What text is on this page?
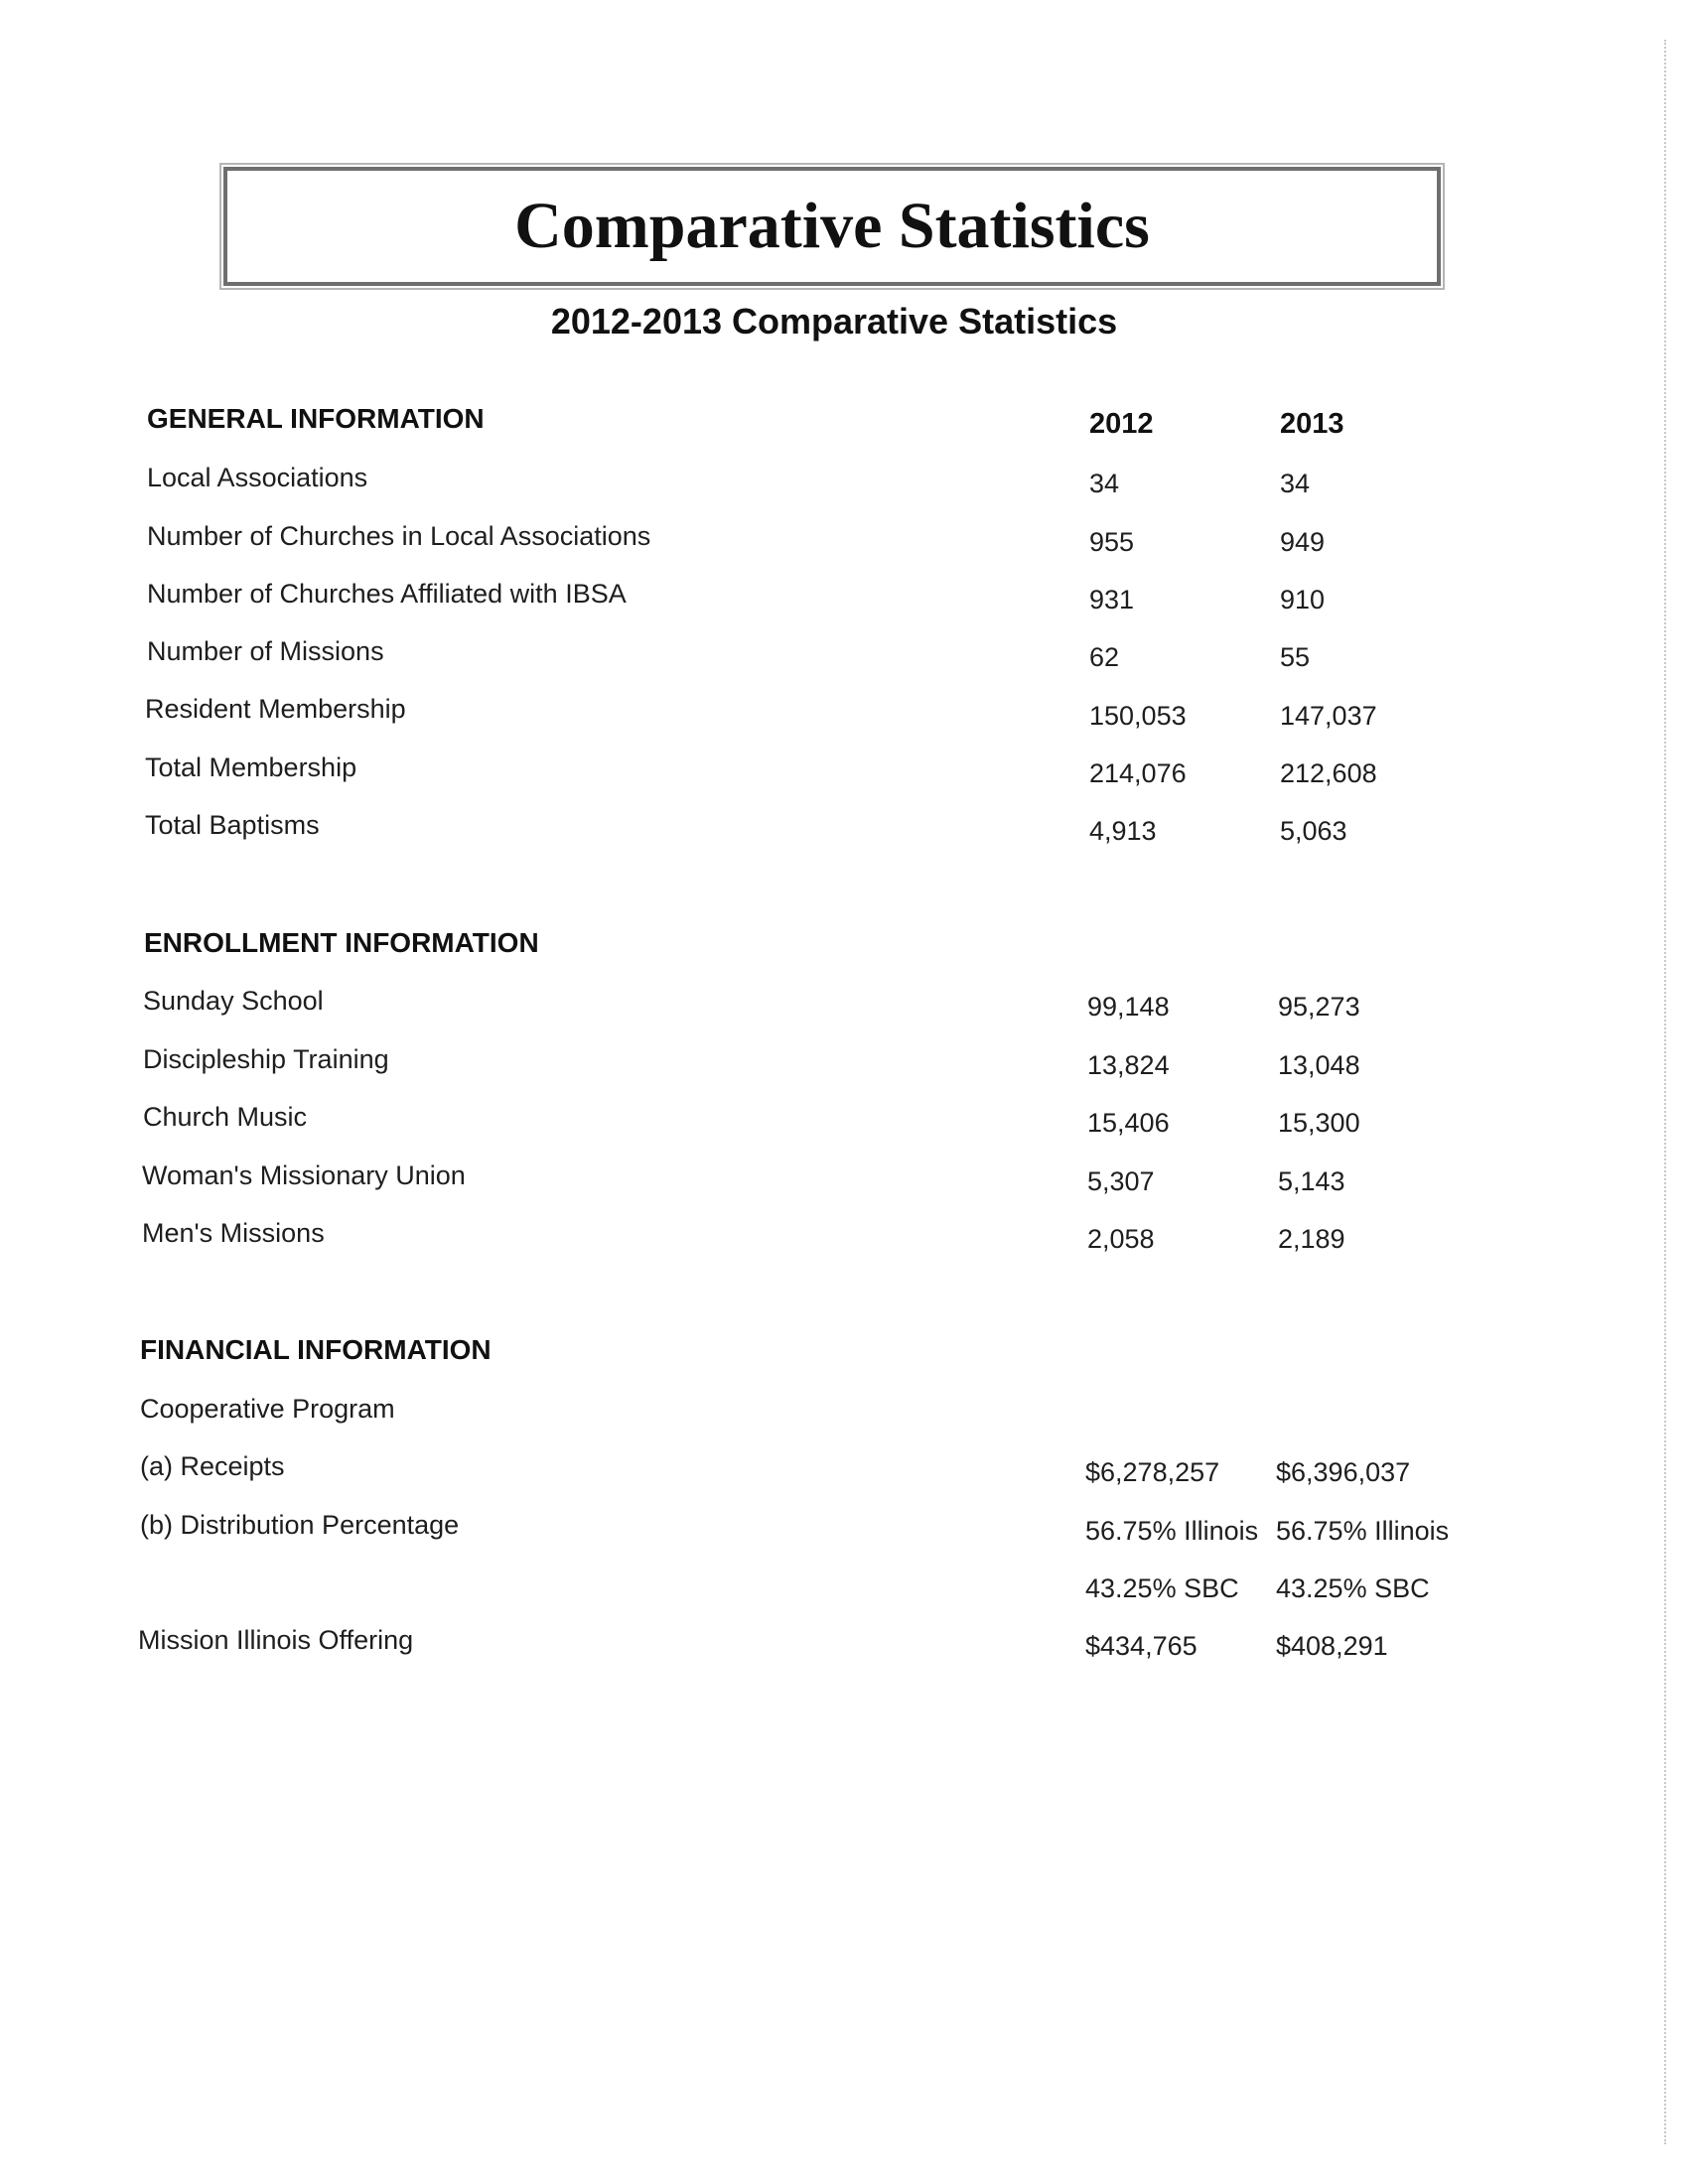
Comparative Statistics
2012-2013 Comparative Statistics
GENERAL INFORMATION	2012	2013
Local Associations	34	34
Number of Churches in Local Associations	955	949
Number of Churches Affiliated with IBSA	931	910
Number of Missions	62	55
Resident Membership	150,053	147,037
Total Membership	214,076	212,608
Total Baptisms	4,913	5,063
ENROLLMENT INFORMATION
Sunday School	99,148	95,273
Discipleship Training	13,824	13,048
Church Music	15,406	15,300
Woman's Missionary Union	5,307	5,143
Men's Missions	2,058	2,189
FINANCIAL INFORMATION
Cooperative Program
(a) Receipts	$6,278,257 $6,396,037
(b) Distribution Percentage	56.75% Illinois 56.75% Illinois
43.25% SBC 43.25% SBC
Mission Illinois Offering	$434,765	$408,291
